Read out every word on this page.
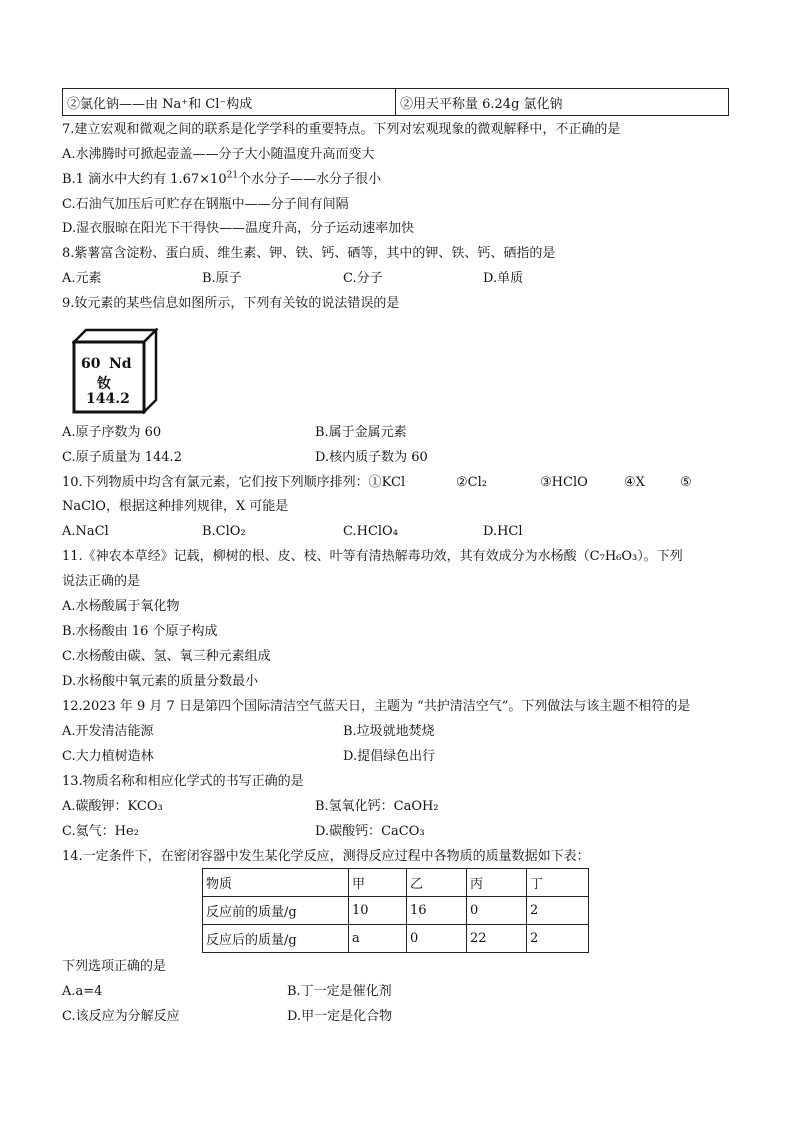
②氯化钠——由 Na⁺和 Cl⁻构成	②用天平称量 6.24g 氯化钠
7.建立宏观和微观之间的联系是化学学科的重要特点。下列对宏观现象的微观解释中，不正确的是
A.水沸腾时可掀起壶盖——分子大小随温度升高而变大
B.1 滴水中大约有 $1.67\times 10^{21}$个水分子——水分子很小
C.石油气加压后可贮存在钢瓶中——分子间有间隔
D.湿衣服晾在阳光下干得快——温度升高，分子运动速率加快
8.紫薯富含淀粉、蛋白质、维生素、钾、铁、钙、硒等，其中的钾、铁、钙、硒指的是
A.元素	B.原子	C.分子	D.单质
9.钕元素的某些信息如图所示，下列有关钕的说法错误的是
60 Nd
钕
144.2
A.原子序数为 60	B.属于金属元素
C.原子质量为 144.2	D.核内质子数为 60
10.下列物质中均含有氯元素，它们按下列顺序排列：①KCl	②Cl₂	③HClO	④X	⑤
NaClO，根据这种排列规律，X 可能是
A.NaCl	B.ClO₂	C.HClO₄	D.HCl
11.《神农本草经》记载，柳树的根、皮、枝、叶等有清热解毒功效，其有效成分为水杨酸（C₇H₆O₃）。下列
说法正确的是
A.水杨酸属于氧化物
B.水杨酸由 16 个原子构成
C.水杨酸由碳、氢、氧三种元素组成
D.水杨酸中氧元素的质量分数最小
12.2023 年 9 月 7 日是第四个国际清洁空气蓝天日，主题为 “共护清洁空气”。下列做法与该主题不相符的是
A.开发清洁能源	B.垃圾就地焚烧
C.大力植树造林	D.提倡绿色出行
13.物质名称和相应化学式的书写正确的是
A.碳酸钾：KCO₃	B.氢氧化钙：CaOH₂
C.氦气：He₂	D.碳酸钙：CaCO₃
14.一定条件下，在密闭容器中发生某化学反应，测得反应过程中各物质的质量数据如下表：
物质	甲	乙	丙	丁
反应前的质量/g	10	16	0	2
反应后的质量/g	a	0	22	2
下列选项正确的是
A.a=4	B.丁一定是催化剂
C.该反应为分解反应	D.甲一定是化合物
